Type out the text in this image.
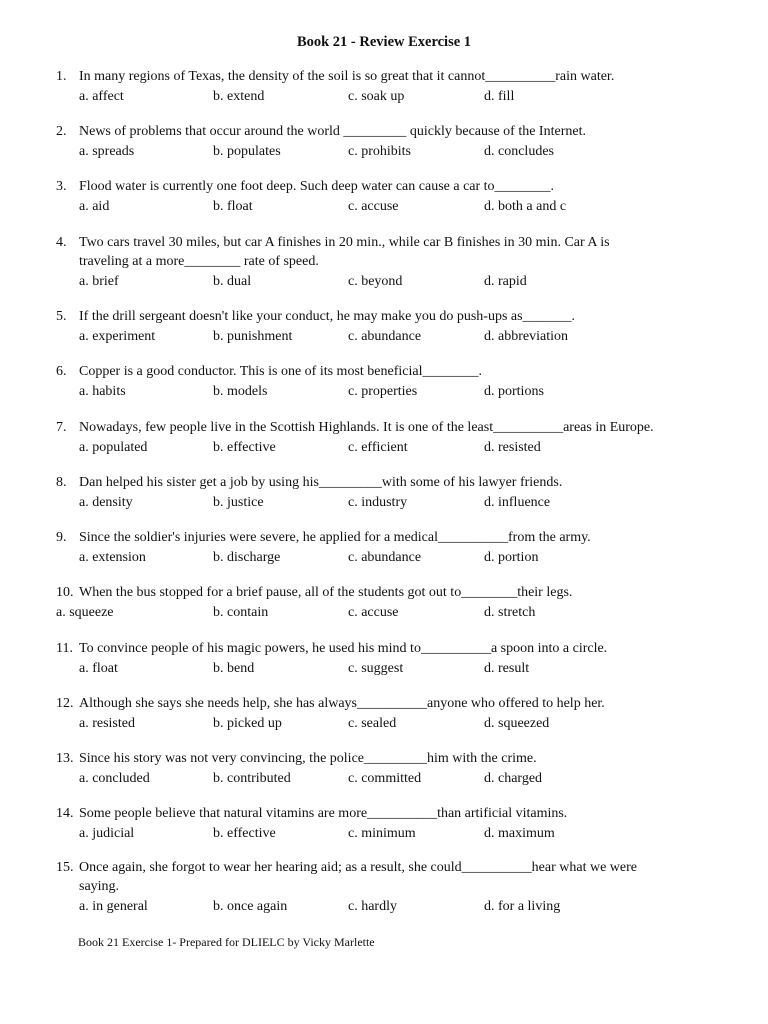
Book 21 - Review Exercise 1
1. In many regions of Texas, the density of the soil is so great that it cannot__________rain water.
a. affect	b. extend	c. soak up	d. fill
2. News of problems that occur around the world _________ quickly because of the Internet.
a. spreads	b. populates	c. prohibits	d. concludes
3. Flood water is currently one foot deep. Such deep water can cause a car to________.
a. aid	b. float	c. accuse	d. both a and c
4. Two cars travel 30 miles, but car A finishes in 20 min., while car B finishes in 30 min. Car A is
traveling at a more________ rate of speed.
a. brief	b. dual	c. beyond	d. rapid
5. If the drill sergeant doesn't like your conduct, he may make you do push-ups as_______.
a. experiment	b. punishment	c. abundance	d. abbreviation
6. Copper is a good conductor. This is one of its most beneficial________.
a. habits	b. models	c. properties	d. portions
7. Nowadays, few people live in the Scottish Highlands. It is one of the least__________areas in Europe.
a. populated	b. effective	c. efficient	d. resisted
8. Dan helped his sister get a job by using his_________with some of his lawyer friends.
a. density	b. justice	c. industry	d. influence
9. Since the soldier's injuries were severe, he applied for a medical__________from the army.
a. extension	b. discharge	c. abundance	d. portion
10. When the bus stopped for a brief pause, all of the students got out to________their legs.
a. squeeze	b. contain	c. accuse	d. stretch
11. To convince people of his magic powers, he used his mind to__________a spoon into a circle.
a. float	b. bend	c. suggest	d. result
12. Although she says she needs help, she has always__________anyone who offered to help her.
a. resisted	b. picked up	c. sealed	d. squeezed
13. Since his story was not very convincing, the police_________him with the crime.
a. concluded	b. contributed	c. committed	d. charged
14. Some people believe that natural vitamins are more__________than artificial vitamins.
a. judicial	b. effective	c. minimum	d. maximum
15. Once again, she forgot to wear her hearing aid; as a result, she could__________hear what we were
saying.
a. in general	b. once again	c. hardly	d. for a living
Book 21 Exercise 1- Prepared for DLIELC by Vicky Marlette
